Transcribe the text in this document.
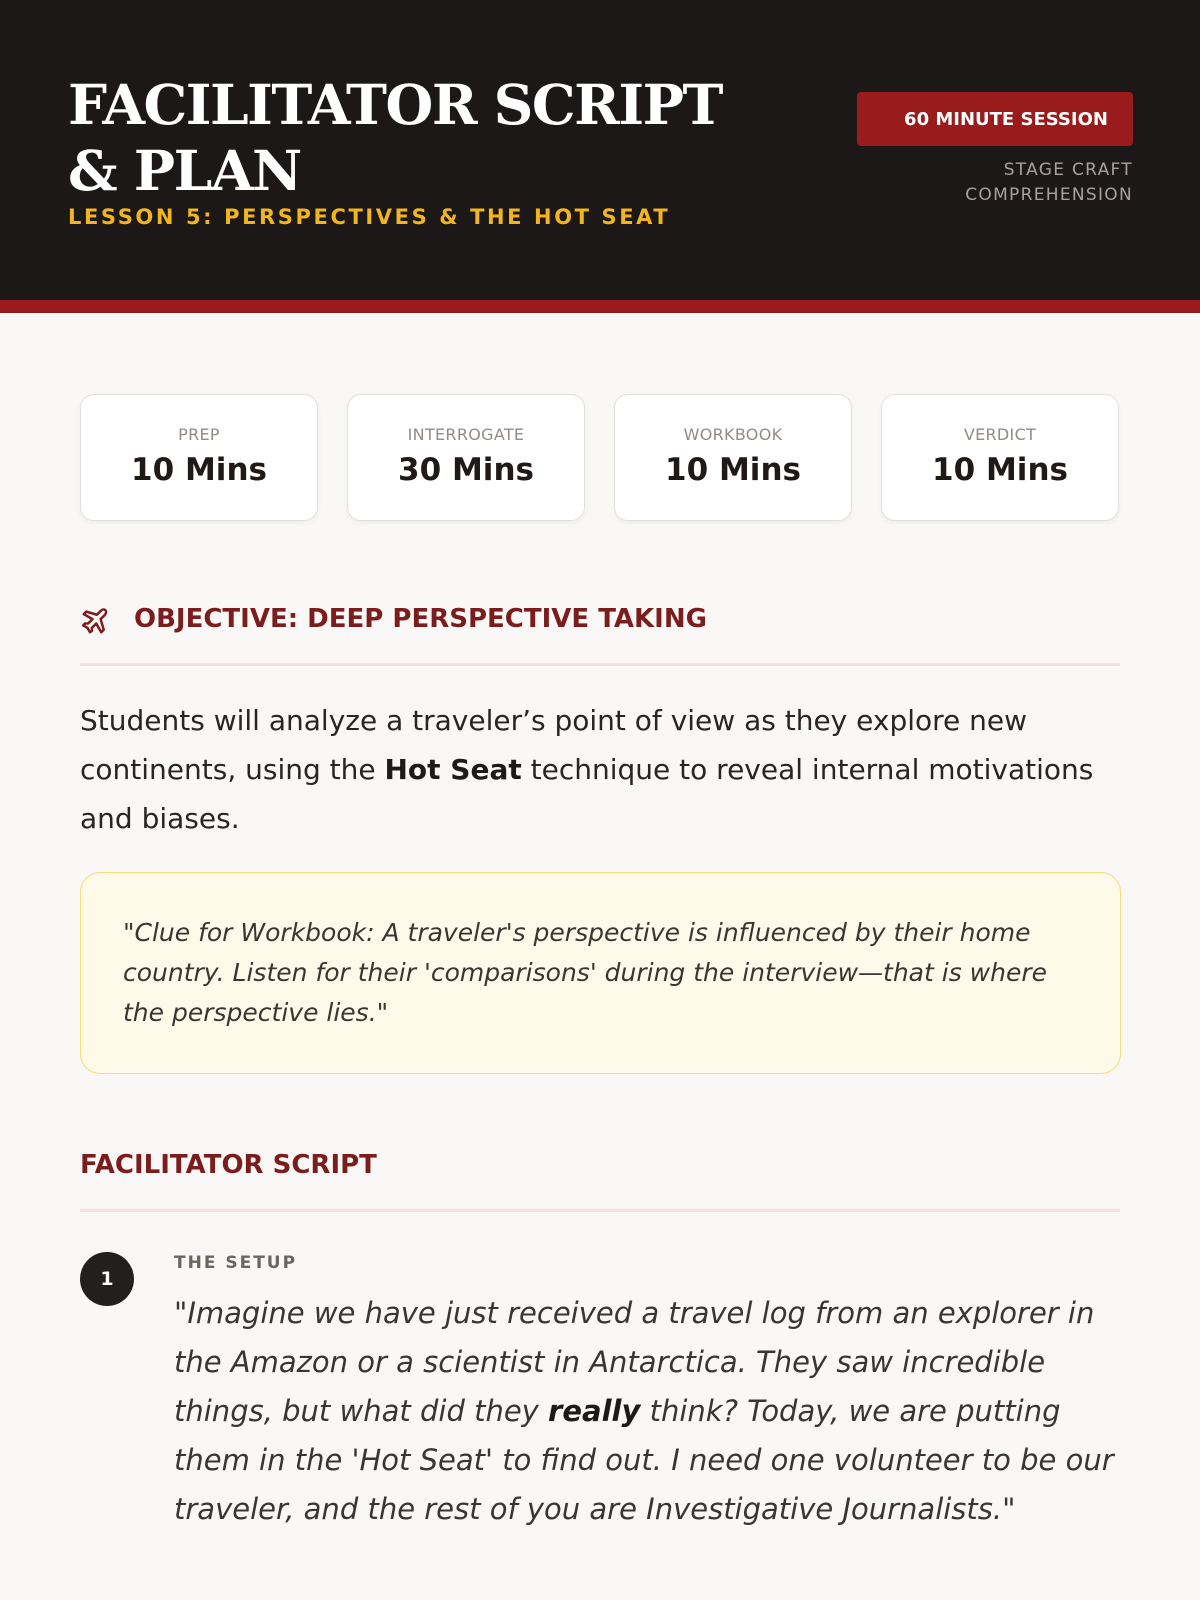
FACILITATOR SCRIPT & PLAN
LESSON 5: PERSPECTIVES & THE HOT SEAT
60 MINUTE SESSION
STAGE CRAFT
COMPREHENSION
PREP
10 Mins
INTERROGATE
30 Mins
WORKBOOK
10 Mins
VERDICT
10 Mins
OBJECTIVE: DEEP PERSPECTIVE TAKING

Students will analyze a traveler’s point of view as they explore new continents, using the Hot Seat technique to reveal internal motivations and biases.

"Clue for Workbook: A traveler's perspective is influenced by their home country. Listen for their 'comparisons' during the interview—that is where the perspective lies."

FACILITATOR SCRIPT
1
THE SETUP

"Imagine we have just received a travel log from an explorer in the Amazon or a scientist in Antarctica. They saw incredible things, but what did they really think? Today, we are putting them in the 'Hot Seat' to find out. I need one volunteer to be our traveler, and the rest of you are Investigative Journalists."
